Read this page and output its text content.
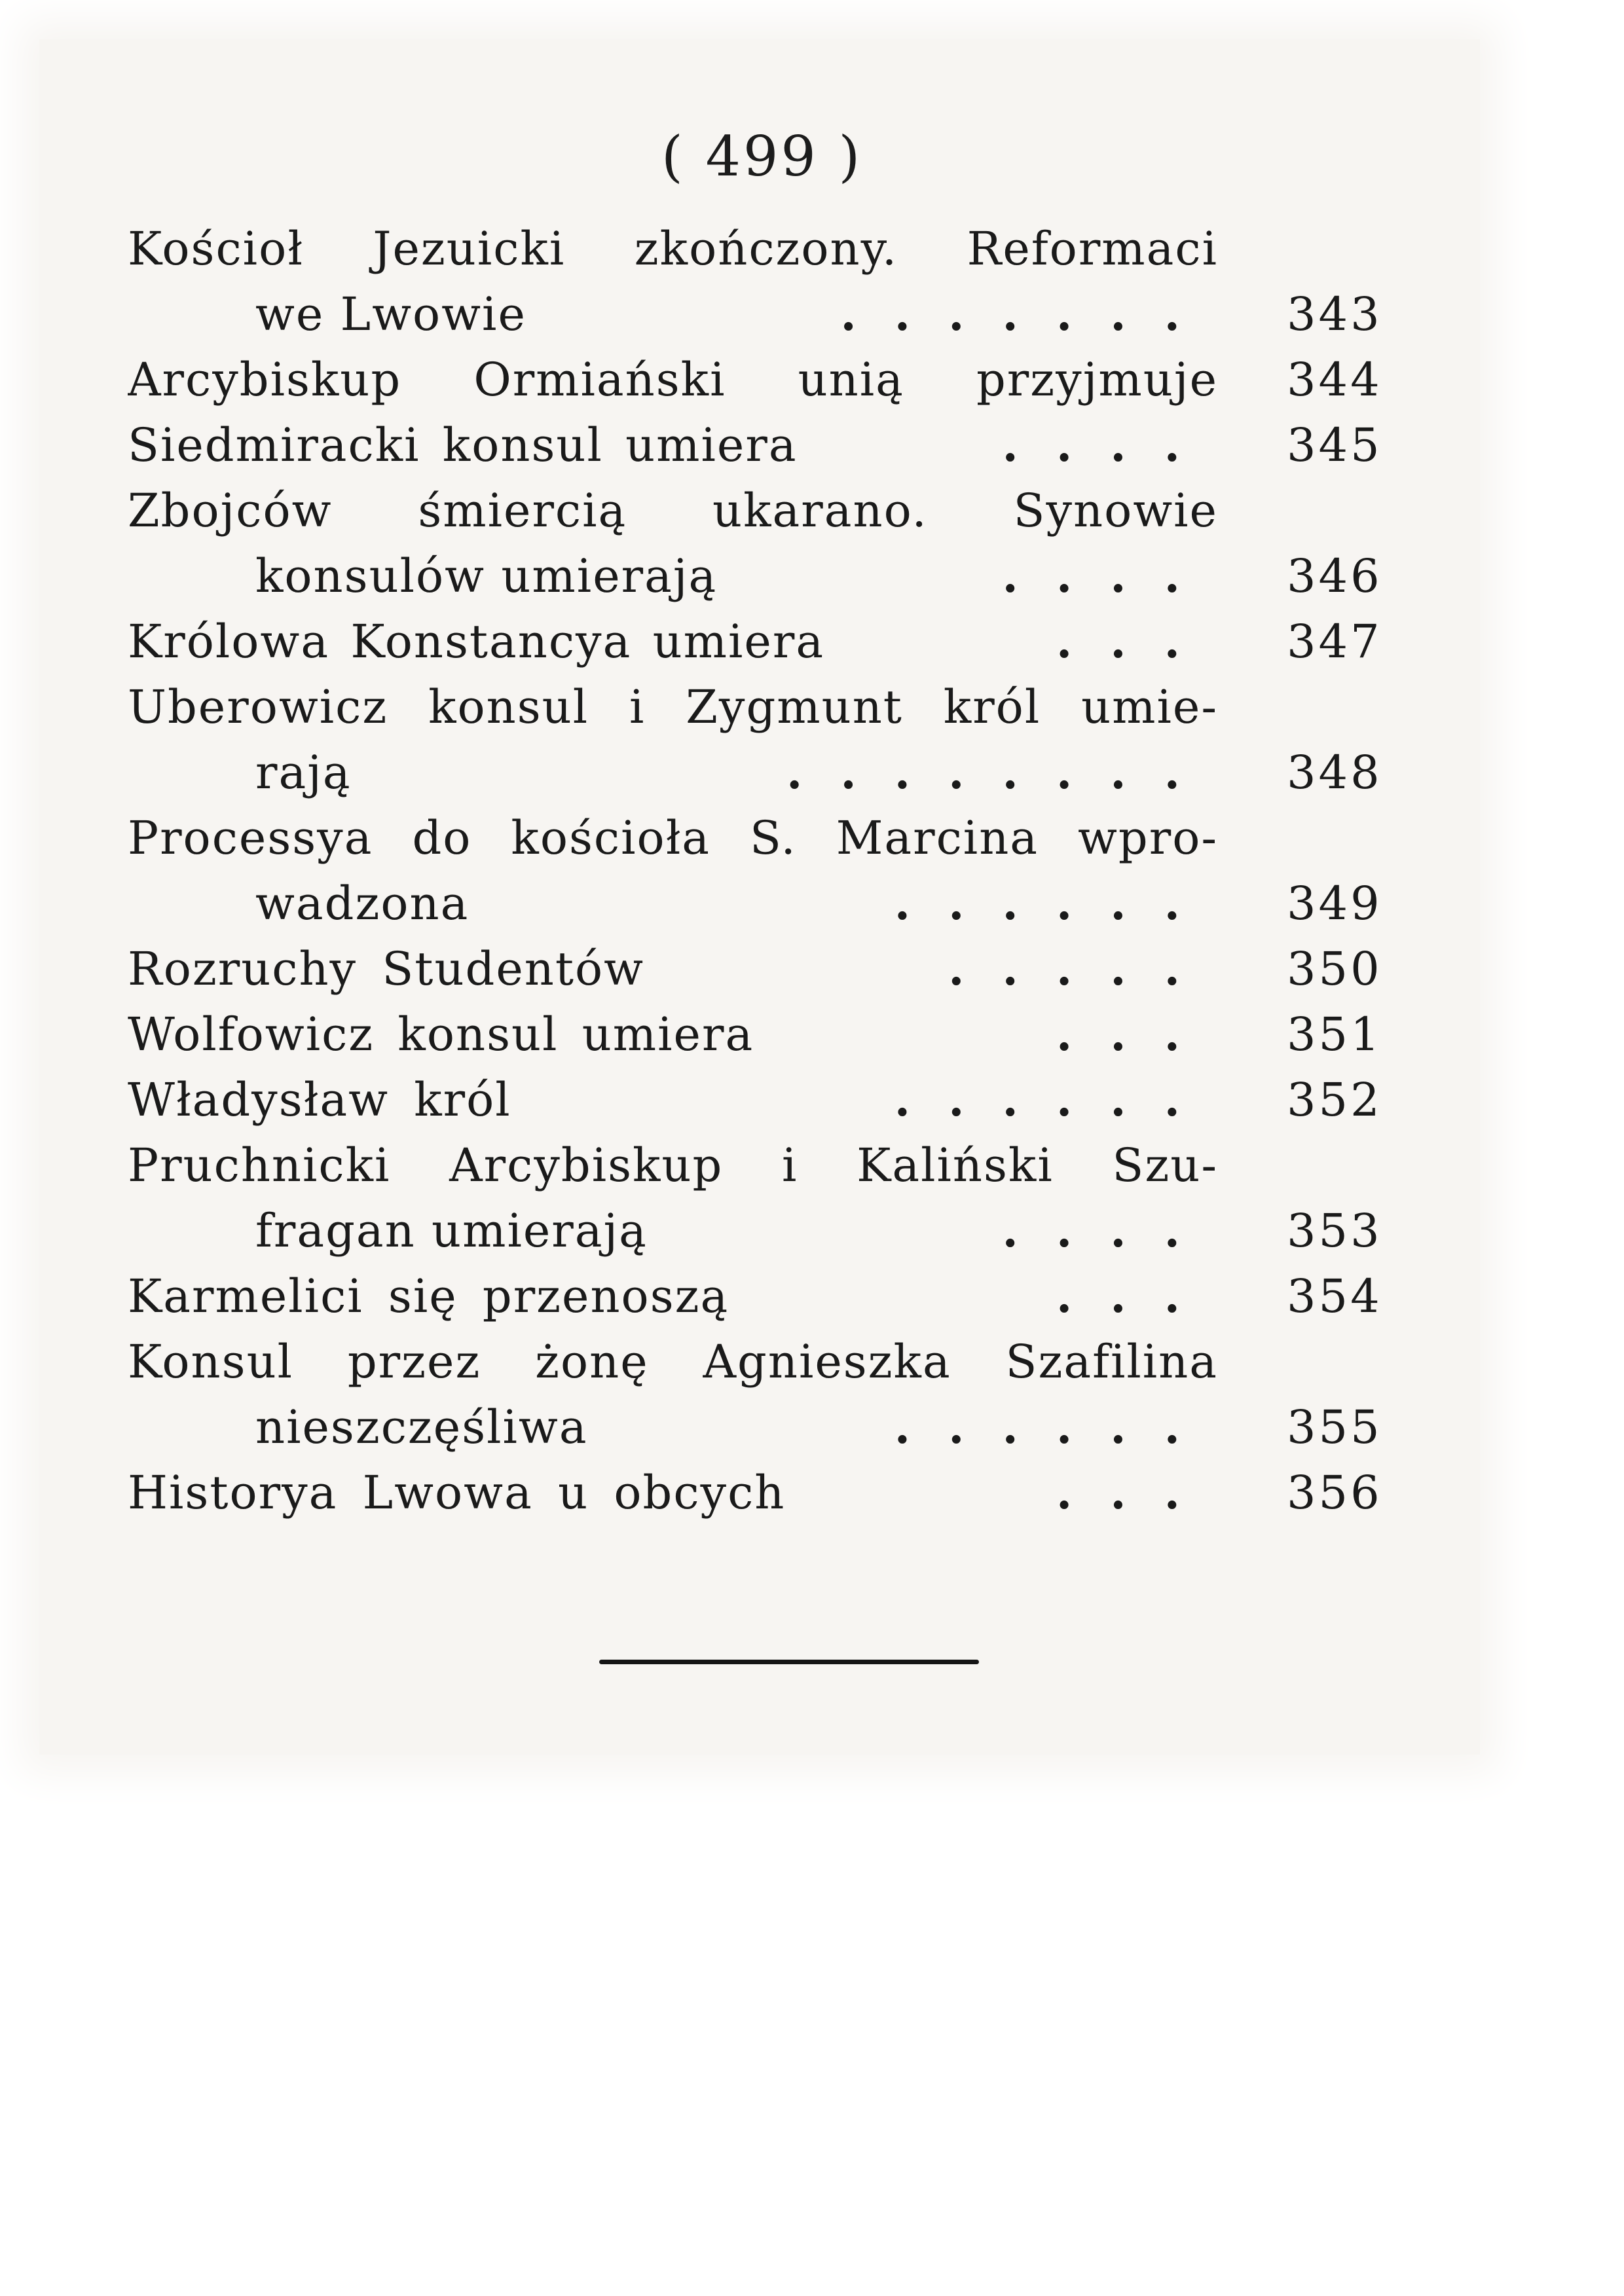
( 499 )
Kościoł Jezuicki zkończony. Reformaci
we Lwowie	....... 343
Arcybiskup Ormiański unią przyjmuje 344
Siedmiracki konsul umiera	.... 345
Zbojców śmiercią ukarano. Synowie
konsulów umierają	.... 346
Królowa Konstancya umiera	... 347
Uberowicz konsul i Zygmunt król umie-
rają	........ 348
Processya do kościoła S. Marcina wpro-
wadzona	...... 349
Rozruchy Studentów	..... 350
Wolfowicz konsul umiera	... 351
Władysław król	...... 352
Pruchnicki Arcybiskup i Kaliński Szu-
fragan umierają	.... 353
Karmelici się przenoszą	... 354
Konsul przez żonę Agnieszka Szafilina
nieszczęśliwa	...... 355
Historya Lwowa u obcych	... 356
